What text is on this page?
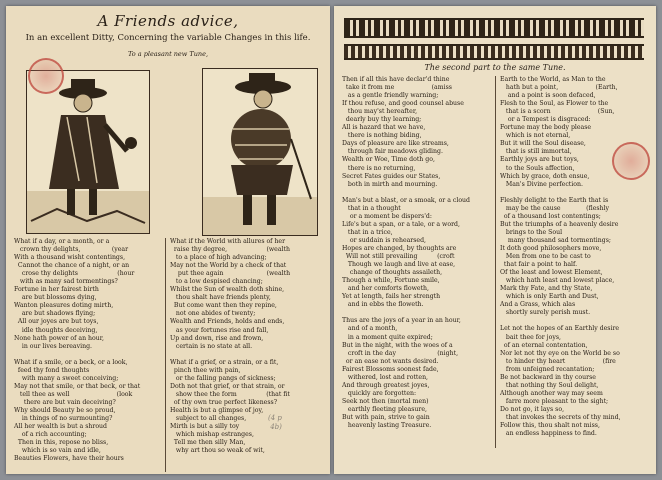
A Friends advice,
In an excellent Ditty, Concerning the variable Changes in this life.
To a pleasant new Tune,
What if a day, or a month, or a
crown thy delights,                (year
With a thousand wisht contentings,
Cannot the chance of a night, or an
crose thy delights                    (hour
with as many sad tormentings?
Fortune in her fairest birth
are but blossoms dying,
Wanton pleasures doting mirth,
are but shadows flying;
All our joyes are but toys,
idle thoughts deceiving,
None hath power of an hour,
in our lives bereaving.

What if a smile, or a beck, or a look,
feed thy fond thoughts
with many a sweet conceiving;
May not that smile, or that beck, or that
tell thee as well                        (look
there are but vain deceiving?
Why should Beauty be so proud,
in things of no surmounting?
All her wealth is but a shroud
of a rich accounting;
Then in this, repose no bliss,
which is so vain and idle,
Beauties Flowers, have their hours
What if the World with allures of her
raise thy degree,                    (wealth
to a place of high advancing;
May not the World by a check of that
put thee again                      (wealth
to a low despised chancing;
Whilst the Sun of wealth doth shine,
thou shalt have friends plenty,
But come want then they repine,
not one abides of twenty;
Wealth and Friends, holds and ends,
as your fortunes rise and fall,
Up and down, rise and frown,
certain is no state at all.

What if a grief, or a strain, or a fit,
pinch thee with pain,
or the falling pangs of sickness;
Doth not that grief, or that strain, or
show thee the form               (that fit
of thy own true perfect likeness?
Health is but a glimpse of joy,
subject to all changes,
Mirth is but a silly toy
which mishap estranges,
Tell me then silly Man,
why art thou so weak of wit,
(4 p
4b)
The second part to the same Tune.
Then if all this have declar'd thine
take it from me                   (amiss
as a gentle friendly warning;
If thou refuse, and good counsel abuse
thou may'st hereafter,
dearly buy thy learning;
All is hazard that we have,
there is nothing biding,
Days of pleasure are like streams,
through fair meadows gliding.
Wealth or Woe, Time doth go,
there is no returning,
Secret Fates guides our States,
both in mirth and mourning.

Man's but a blast, or a smoak, or a cloud
that in a thought
or a moment be dispers'd:
Life's but a span, or a tale, or a word,
that in a trice,
or suddain is rehearsed,
Hopes are changed, by thoughts are
Will not still prevailing          (croft
Though we laugh and live at ease,
change of thoughts assaileth,
Though a while, Fortune smile,
and her comforts floweth,
Yet at length, fails her strength
and in ebbs the floweth.

Thus are the joys of a year in an hour,
and of a month,
in a moment quite expired;
But in the night, with the woes of a
croft in the day                     (night,
or an ease not wants desired.
Fairest Blossoms soonest fade,
withered, lost and rotten,
And through greatest joyes,
quickly are forgotten:
Seek not then (mortal men)
earthly fleeting pleasure,
But with pain, strive to gain
heavenly lasting Treasure.
Earth to the World, as Man to the
hath but a point,                   (Earth,
and a point is soon defaced,
Flesh to the Soul, as Flower to the
that is a scorn                        (Sun,
or a Tempest is disgraced:
Fortune may the body please
which is not eternal,
But it will the Soul disease,
that is still immortal,
Earthly joys are but toys,
to the Souls affection,
Which by grace, doth ensue,
Man's Divine perfection.

Fleshly delight to the Earth that is
may be the cause             (fleshly
of a thousand lost contentings;
But the triumphs of a heavenly desire
brings to the Soul
many thousand sad tormentings;
It doth good philosophers move,
Men from one to be cast to
that fair a point to half.
Of the least and lowest Element,
which hath least and lowest place,
Mark thy Fate, and thy State,
which is only Earth and Dust,
And a Grass, which alas
shortly surely perish must.

Let not the hopes of an Earthly desire
bait thee for joys,
of an eternal contentation,
Nor let not thy eye on the World be so
to hinder thy heart                   (fire
from unfeigned recantation;
Be not backward in thy course
that nothing thy Soul delight,
Although another way may seem
farre more pleasant to the sight;
Do not go, it lays so,
that invokes the secrets of thy mind,
Follow this, thou shalt not miss,
an endless happiness to find.
